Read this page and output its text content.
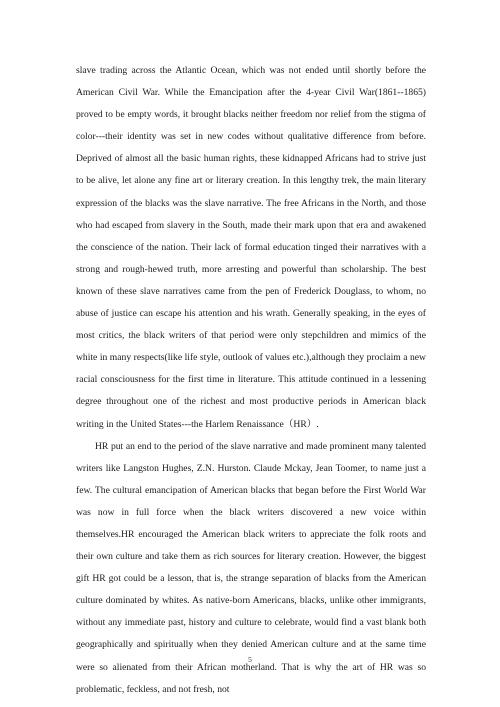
slave trading across the Atlantic Ocean, which was not ended until shortly before the American Civil War. While the Emancipation after the 4-year Civil War(1861--1865) proved to be empty words, it brought blacks neither freedom nor relief from the stigma of color---their identity was set in new codes without qualitative difference from before. Deprived of almost all the basic human rights, these kidnapped Africans had to strive just to be alive, let alone any fine art or literary creation. In this lengthy trek, the main literary expression of the blacks was the slave narrative. The free Africans in the North, and those who had escaped from slavery in the South, made their mark upon that era and awakened the conscience of the nation. Their lack of formal education tinged their narratives with a strong and rough-hewed truth, more arresting and powerful than scholarship. The best known of these slave narratives came from the pen of Frederick Douglass, to whom, no abuse of justice can escape his attention and his wrath. Generally speaking, in the eyes of most critics, the black writers of that period were only stepchildren and mimics of the white in many respects(like life style, outlook of values etc.),although they proclaim a new racial consciousness for the first time in literature. This attitude continued in a lessening degree throughout one of the richest and most productive periods in American black writing in the United States---the Harlem Renaissance（HR）.

HR put an end to the period of the slave narrative and made prominent many talented writers like Langston Hughes, Z.N. Hurston. Claude Mckay, Jean Toomer, to name just a few. The cultural emancipation of American blacks that began before the First World War was now in full force when the black writers discovered a new voice within themselves.HR encouraged the American black writers to appreciate the folk roots and their own culture and take them as rich sources for literary creation. However, the biggest gift HR got could be a lesson, that is, the strange separation of blacks from the American culture dominated by whites. As native-born Americans, blacks, unlike other immigrants, without any immediate past, history and culture to celebrate, would find a vast blank both geographically and spiritually when they denied American culture and at the same time were so alienated from their African motherland. That is why the art of HR was so problematic, feckless, and not fresh, not

5
